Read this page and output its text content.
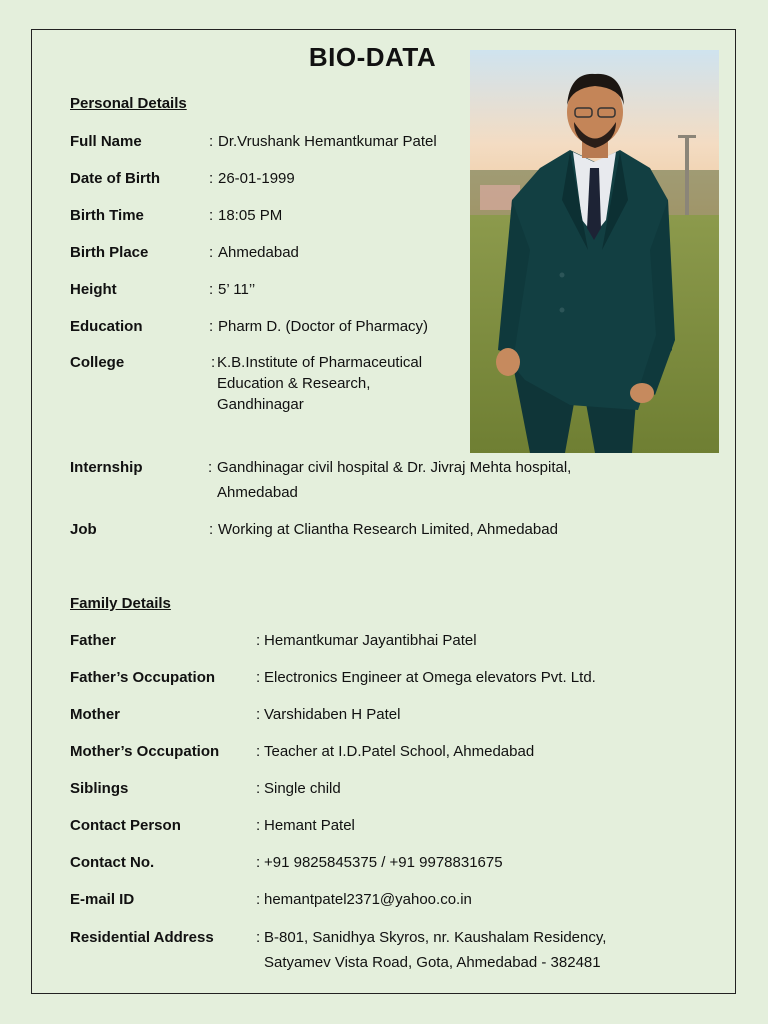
BIO-DATA
Personal Details
Full Name	: Dr.Vrushank Hemantkumar Patel
Date of Birth	: 26-01-1999
Birth Time	: 18:05 PM
Birth Place	: Ahmedabad
Height	: 5’ 11’’
Education	: Pharm D. (Doctor of Pharmacy)
College	: K.B.Institute of Pharmaceutical
Education & Research,
Gandhinagar
Internship	: Gandhinagar civil hospital & Dr. Jivraj Mehta hospital,
Ahmedabad
Job	: Working at Cliantha Research Limited, Ahmedabad
Family Details
Father	: Hemantkumar Jayantibhai Patel
Father’s Occupation	: Electronics Engineer at Omega elevators Pvt. Ltd.
Mother	: Varshidaben H Patel
Mother’s Occupation : Teacher at I.D.Patel School, Ahmedabad
Siblings	: Single child
Contact Person	: Hemant Patel
Contact No.	: +91 9825845375 / +91 9978831675
E-mail ID	: hemantpatel2371@yahoo.co.in
Residential Address	: B-801, Sanidhya Skyros, nr. Kaushalam Residency,
Satyamev Vista Road, Gota, Ahmedabad - 382481
